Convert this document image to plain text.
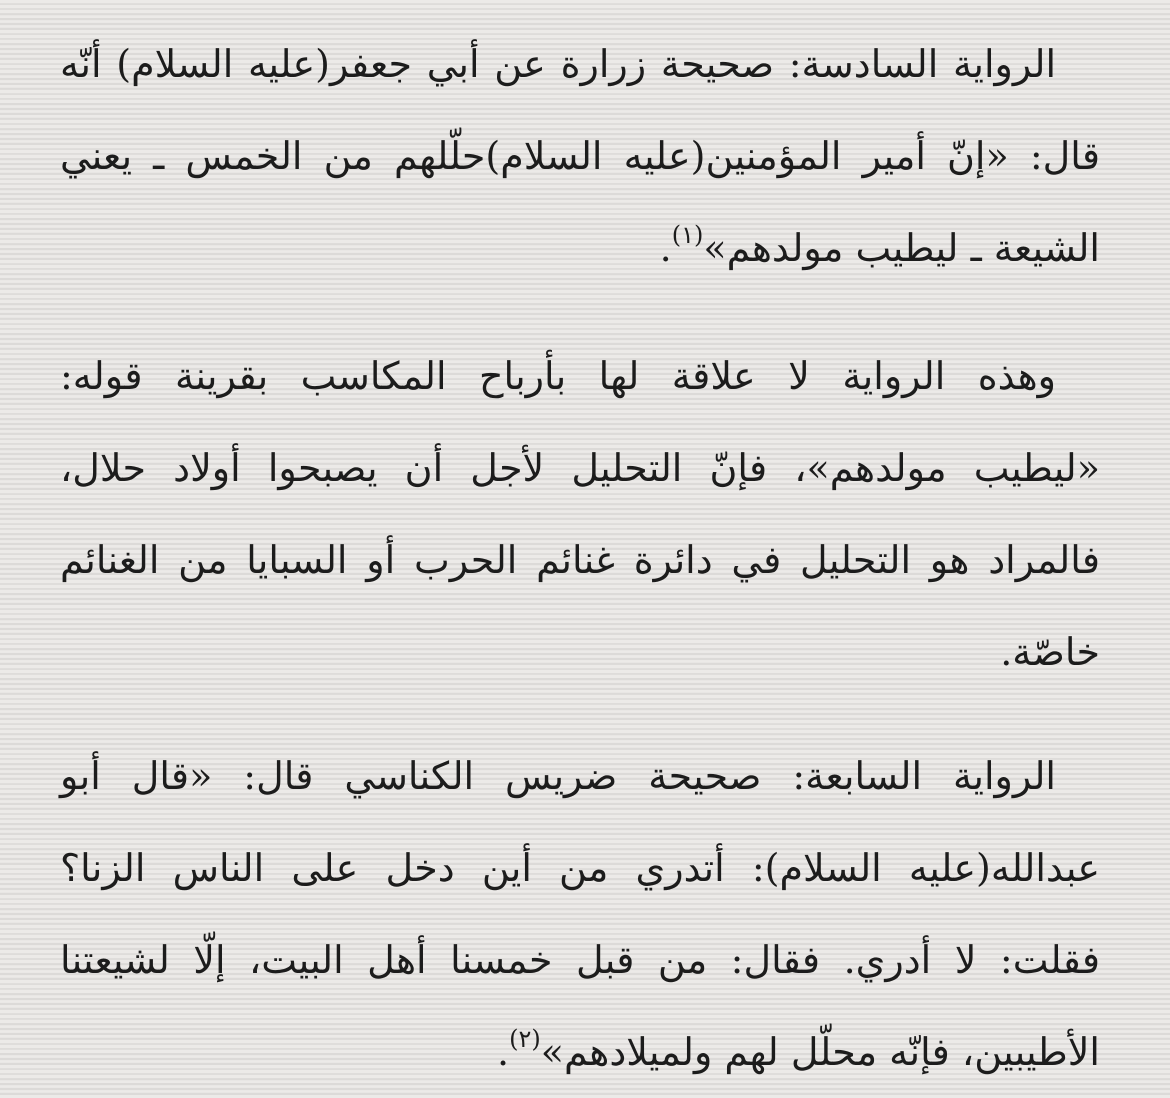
الرواية السادسة: صحيحة زرارة عن أبي جعفر(عليه السلام) أنّه
قال: «إنّ أمير المؤمنين(عليه السلام)حلّلهم من الخمس ـ يعني
الشيعة ـ ليطيب مولدهم»$^{(١)}$.
وهذه الرواية لا علاقة لها بأرباح المكاسب بقرينة قوله:
«ليطيب مولدهم»، فإنّ التحليل لأجل أن يصبحوا أولاد حلال،
فالمراد هو التحليل في دائرة غنائم الحرب أو السبايا من الغنائم
خاصّة.
الرواية السابعة: صحيحة ضريس الكناسي قال: «قال أبو
عبدالله(عليه السلام): أتدري من أين دخل على الناس الزنا؟
فقلت: لا أدري. فقال: من قبل خمسنا أهل البيت، إلّا لشيعتنا
الأطيبين، فإنّه محلّل لهم ولميلادهم»$^{(٢)}$.
